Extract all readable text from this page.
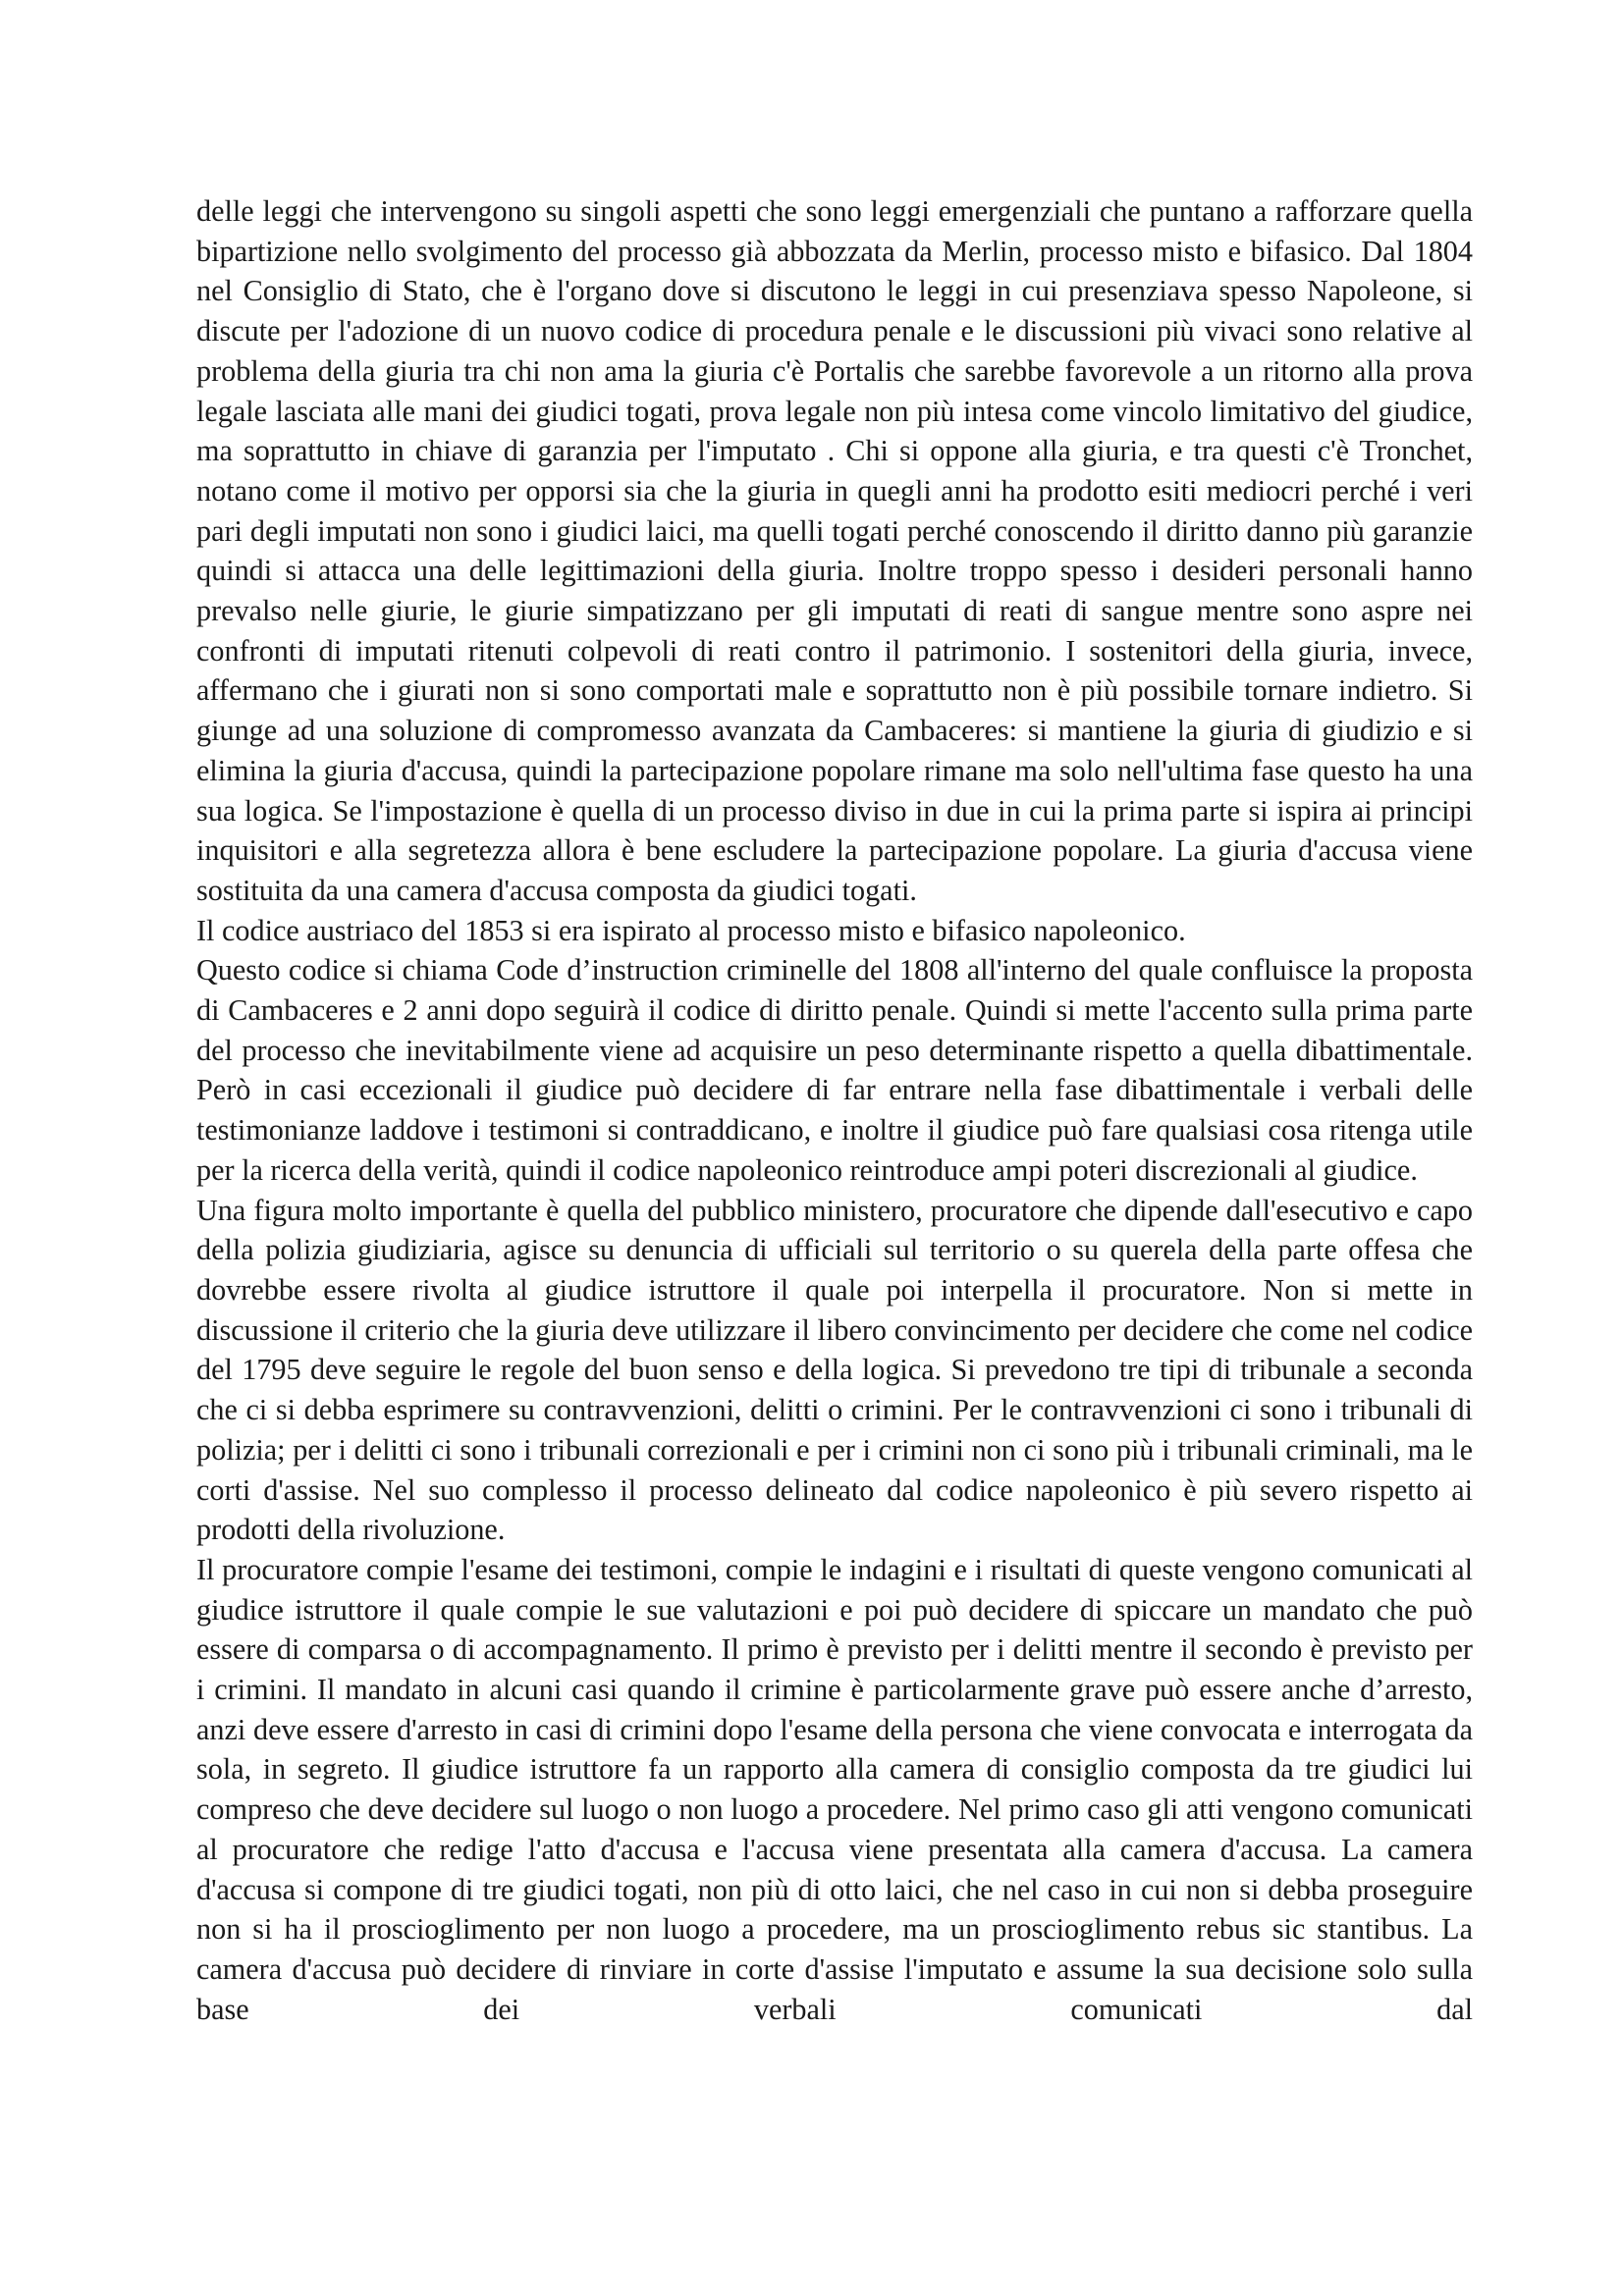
delle leggi che intervengono su singoli aspetti che sono leggi emergenziali che puntano a rafforzare quella bipartizione nello svolgimento del processo già abbozzata da Merlin, processo misto e bifasico. Dal 1804 nel Consiglio di Stato, che è l'organo dove si discutono le leggi in cui presenziava spesso Napoleone, si discute per l'adozione di un nuovo codice di procedura penale e le discussioni più vivaci sono relative al problema della giuria tra chi non ama la giuria c'è Portalis che sarebbe favorevole a un ritorno alla prova legale lasciata alle mani dei giudici togati, prova legale non più intesa come vincolo limitativo del giudice, ma soprattutto in chiave di garanzia per l'imputato . Chi si oppone alla giuria, e tra questi c'è Tronchet, notano come il motivo per opporsi sia che la giuria in quegli anni ha prodotto esiti mediocri perché i veri pari degli imputati non sono i giudici laici, ma quelli togati perché conoscendo il diritto danno più garanzie quindi si attacca una delle legittimazioni della giuria. Inoltre troppo spesso i desideri personali hanno prevalso nelle giurie, le giurie simpatizzano per gli imputati di reati di sangue mentre sono aspre nei confronti di imputati ritenuti colpevoli di reati contro il patrimonio. I sostenitori della giuria, invece, affermano che i giurati non si sono comportati male e soprattutto non è più possibile tornare indietro. Si giunge ad una soluzione di compromesso avanzata da Cambaceres: si mantiene la giuria di giudizio e si elimina la giuria d'accusa, quindi la partecipazione popolare rimane ma solo nell'ultima fase questo ha una sua logica. Se l'impostazione è quella di un processo diviso in due in cui la prima parte si ispira ai principi inquisitori e alla segretezza allora è bene escludere la partecipazione popolare. La giuria d'accusa viene sostituita da una camera d'accusa composta da giudici togati.

Il codice austriaco del 1853 si era ispirato al processo misto e bifasico napoleonico.

Questo codice si chiama Code d’instruction criminelle del 1808 all'interno del quale confluisce la proposta di Cambaceres e 2 anni dopo seguirà il codice di diritto penale. Quindi si mette l'accento sulla prima parte del processo che inevitabilmente viene ad acquisire un peso determinante rispetto a quella dibattimentale. Però in casi eccezionali il giudice può decidere di far entrare nella fase dibattimentale i verbali delle testimonianze laddove i testimoni si contraddicano, e inoltre il giudice può fare qualsiasi cosa ritenga utile per la ricerca della verità, quindi il codice napoleonico reintroduce ampi poteri discrezionali al giudice.

Una figura molto importante è quella del pubblico ministero, procuratore che dipende dall'esecutivo e capo della polizia giudiziaria, agisce su denuncia di ufficiali sul territorio o su querela della parte offesa che dovrebbe essere rivolta al giudice istruttore il quale poi interpella il procuratore. Non si mette in discussione il criterio che la giuria deve utilizzare il libero convincimento per decidere che come nel codice del 1795 deve seguire le regole del buon senso e della logica. Si prevedono tre tipi di tribunale a seconda che ci si debba esprimere su contravvenzioni, delitti o crimini. Per le contravvenzioni ci sono i tribunali di polizia; per i delitti ci sono i tribunali correzionali e per i crimini non ci sono più i tribunali criminali, ma le corti d'assise. Nel suo complesso il processo delineato dal codice napoleonico è più severo rispetto ai prodotti della rivoluzione.

Il procuratore compie l'esame dei testimoni, compie le indagini e i risultati di queste vengono comunicati al giudice istruttore il quale compie le sue valutazioni e poi può decidere di spiccare un mandato che può essere di comparsa o di accompagnamento. Il primo è previsto per i delitti mentre il secondo è previsto per i crimini. Il mandato in alcuni casi quando il crimine è particolarmente grave può essere anche d’arresto, anzi deve essere d'arresto in casi di crimini dopo l'esame della persona che viene convocata e interrogata da sola, in segreto. Il giudice istruttore fa un rapporto alla camera di consiglio composta da tre giudici lui compreso che deve decidere sul luogo o non luogo a procedere. Nel primo caso gli atti vengono comunicati al procuratore che redige l'atto d'accusa e l'accusa viene presentata alla camera d'accusa. La camera d'accusa si compone di tre giudici togati, non più di otto laici, che nel caso in cui non si debba proseguire non si ha il proscioglimento per non luogo a procedere, ma un proscioglimento rebus sic stantibus. La camera d'accusa può decidere di rinviare in corte d'assise l'imputato e assume la sua decisione solo sulla base dei verbali comunicati dal
